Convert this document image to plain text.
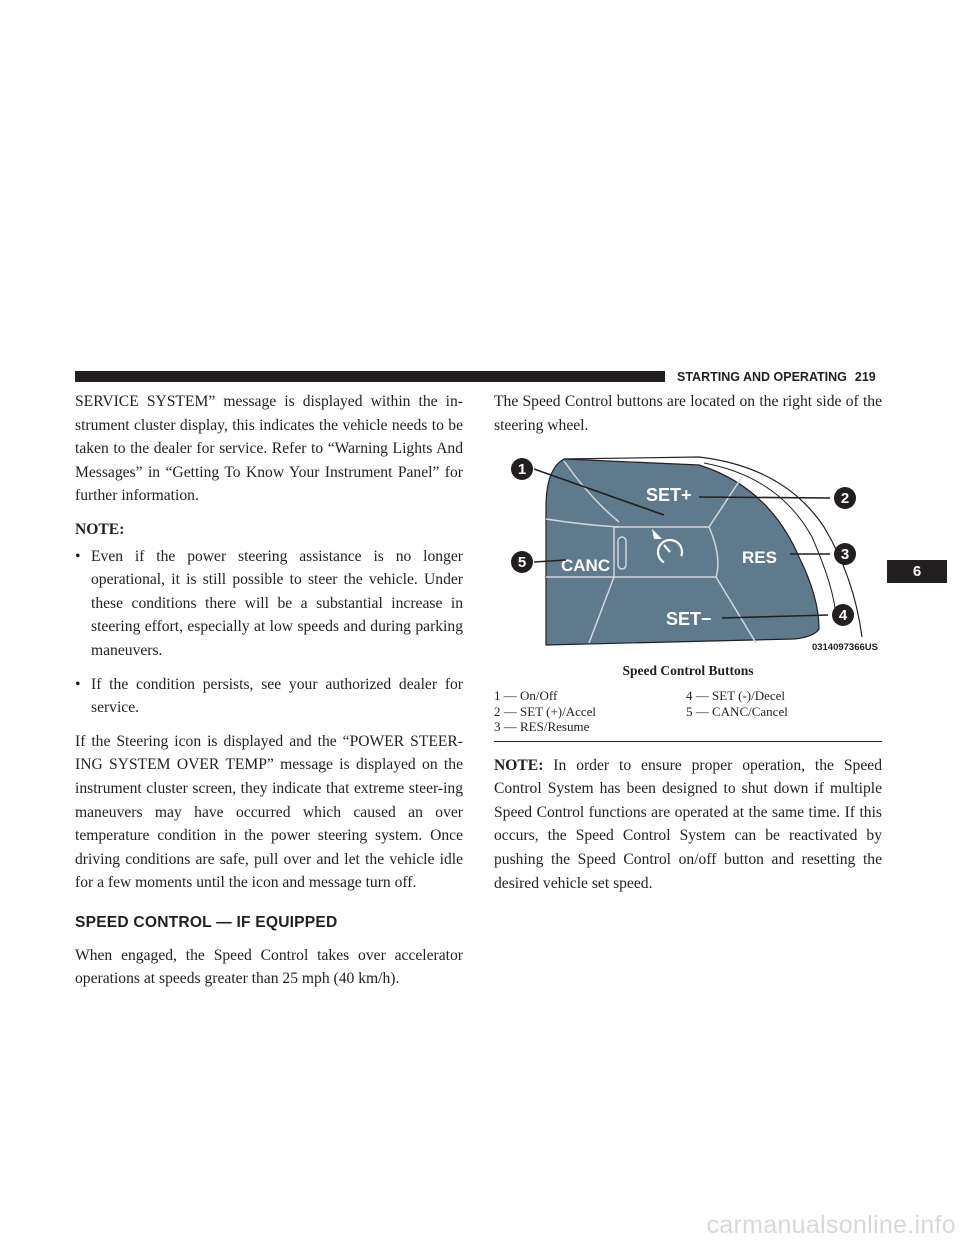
STARTING AND OPERATING 219

SERVICE SYSTEM” message is displayed within the in-strument cluster display, this indicates the vehicle needs to be taken to the dealer for service. Refer to “Warning Lights And Messages” in “Getting To Know Your Instrument Panel” for further information.

NOTE:

• Even if the power steering assistance is no longer operational, it is still possible to steer the vehicle. Under these conditions there will be a substantial increase in steering effort, especially at low speeds and during parking maneuvers.
• If the condition persists, see your authorized dealer for service.

If the Steering icon is displayed and the “POWER STEER-ING SYSTEM OVER TEMP” message is displayed on the instrument cluster screen, they indicate that extreme steer-ing maneuvers may have occurred which caused an over temperature condition in the power steering system. Once driving conditions are safe, pull over and let the vehicle idle for a few moments until the icon and message turn off.

SPEED CONTROL — IF EQUIPPED

When engaged, the Speed Control takes over accelerator operations at speeds greater than 25 mph (40 km/h).

The Speed Control buttons are located on the right side of the steering wheel.

SET+
RES
CANC
SET−
1
2
3
4
5
0314097366US
Speed Control Buttons
1 — On/Off	4 — SET (-)/Decel
2 — SET (+)/Accel	5 — CANC/Cancel
3 — RES/Resume

NOTE: In order to ensure proper operation, the Speed Control System has been designed to shut down if multiple Speed Control functions are operated at the same time. If this occurs, the Speed Control System can be reactivated by pushing the Speed Control on/off button and resetting the desired vehicle set speed.

6
carmanualsonline.info
